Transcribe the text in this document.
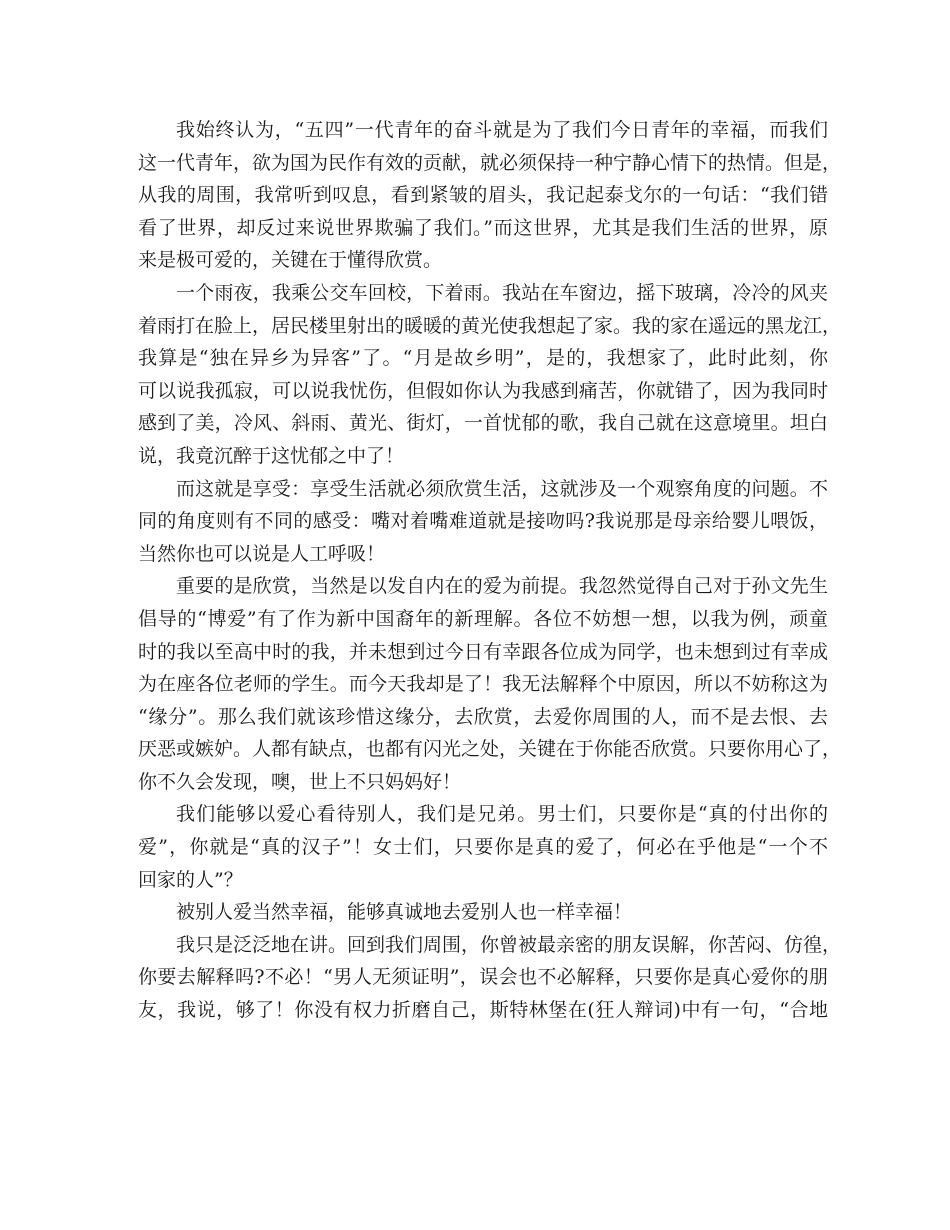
我始终认为，“五四”一代青年的奋斗就是为了我们今日青年的幸福，而我们
这一代青年，欲为国为民作有效的贡献，就必须保持一种宁静心情下的热情。但是，
从我的周围，我常听到叹息，看到紧皱的眉头，我记起泰戈尔的一句话：“我们错
看了世界，却反过来说世界欺骗了我们。”而这世界，尤其是我们生活的世界，原
来是极可爱的，关键在于懂得欣赏。
一个雨夜，我乘公交车回校，下着雨。我站在车窗边，摇下玻璃，冷冷的风夹
着雨打在脸上，居民楼里射出的暖暖的黄光使我想起了家。我的家在遥远的黑龙江，
我算是“独在异乡为异客”了。“月是故乡明”，是的，我想家了，此时此刻，你
可以说我孤寂，可以说我忧伤，但假如你认为我感到痛苦，你就错了，因为我同时
感到了美，冷风、斜雨、黄光、街灯，一首忧郁的歌，我自己就在这意境里。坦白
说，我竟沉醉于这忧郁之中了！
而这就是享受：享受生活就必须欣赏生活，这就涉及一个观察角度的问题。不
同的角度则有不同的感受：嘴对着嘴难道就是接吻吗?我说那是母亲给婴儿喂饭，
当然你也可以说是人工呼吸！
重要的是欣赏，当然是以发自内在的爱为前提。我忽然觉得自己对于孙文先生
倡导的“博爱”有了作为新中国裔年的新理解。各位不妨想一想，以我为例，顽童
时的我以至高中时的我，并未想到过今日有幸跟各位成为同学，也未想到过有幸成
为在座各位老师的学生。而今天我却是了！我无法解释个中原因，所以不妨称这为
“缘分”。那么我们就该珍惜这缘分，去欣赏，去爱你周围的人，而不是去恨、去
厌恶或嫉妒。人都有缺点，也都有闪光之处，关键在于你能否欣赏。只要你用心了，
你不久会发现，噢，世上不只妈妈好！
我们能够以爱心看待别人，我们是兄弟。男士们，只要你是“真的付出你的
爱”，你就是“真的汉子”！女士们，只要你是真的爱了，何必在乎他是“一个不
回家的人”？
被别人爱当然幸福，能够真诚地去爱别人也一样幸福！
我只是泛泛地在讲。回到我们周围，你曾被最亲密的朋友误解，你苦闷、仿徨，
你要去解释吗?不必！“男人无须证明”，误会也不必解释，只要你是真心爱你的朋
友，我说，够了！你没有权力折磨自己，斯特林堡在(狂人辩词)中有一句，“合地
